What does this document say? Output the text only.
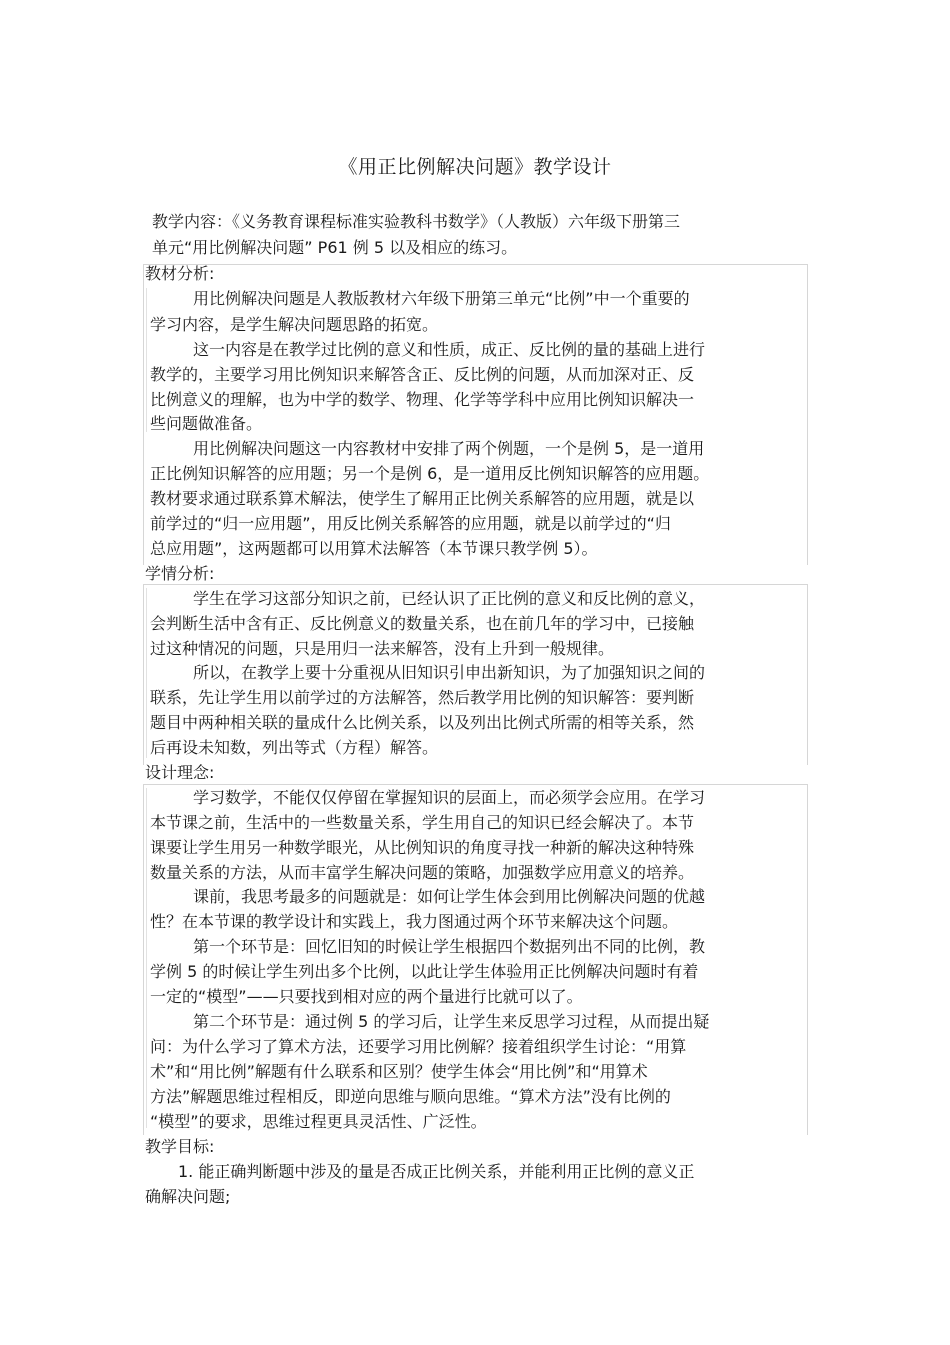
《用正比例解决问题》教学设计
教学内容：《义务教育课程标准实验教科书数学》（人教版）六年级下册第三
单元“用比例解决问题” P61 例 5 以及相应的练习。
教材分析:
用比例解决问题是人教版教材六年级下册第三单元“比例”中一个重要的
学习内容，是学生解决问题思路的拓宽。
这一内容是在教学过比例的意义和性质，成正、反比例的量的基础上进行
教学的，主要学习用比例知识来解答含正、反比例的问题，从而加深对正、反
比例意义的理解，也为中学的数学、物理、化学等学科中应用比例知识解决一
些问题做准备。
用比例解决问题这一内容教材中安排了两个例题，一个是例 5，是一道用
正比例知识解答的应用题；另一个是例 6，是一道用反比例知识解答的应用题。
教材要求通过联系算术解法，使学生了解用正比例关系解答的应用题，就是以
前学过的“归一应用题”，用反比例关系解答的应用题，就是以前学过的“归
总应用题”，这两题都可以用算术法解答（本节课只教学例 5）。
学情分析:
学生在学习这部分知识之前，已经认识了正比例的意义和反比例的意义，
会判断生活中含有正、反比例意义的数量关系，也在前几年的学习中，已接触
过这种情况的问题，只是用归一法来解答，没有上升到一般规律。
所以，在教学上要十分重视从旧知识引申出新知识，为了加强知识之间的
联系，先让学生用以前学过的方法解答，然后教学用比例的知识解答：要判断
题目中两种相关联的量成什么比例关系，以及列出比例式所需的相等关系，然
后再设未知数，列出等式（方程）解答。
设计理念:
学习数学，不能仅仅停留在掌握知识的层面上，而必须学会应用。在学习
本节课之前，生活中的一些数量关系，学生用自己的知识已经会解决了。本节
课要让学生用另一种数学眼光，从比例知识的角度寻找一种新的解决这种特殊
数量关系的方法，从而丰富学生解决问题的策略，加强数学应用意义的培养。
课前，我思考最多的问题就是：如何让学生体会到用比例解决问题的优越
性？在本节课的教学设计和实践上，我力图通过两个环节来解决这个问题。
第一个环节是：回忆旧知的时候让学生根据四个数据列出不同的比例，教
学例 5 的时候让学生列出多个比例，以此让学生体验用正比例解决问题时有着
一定的“模型”——只要找到相对应的两个量进行比就可以了。
第二个环节是：通过例 5 的学习后，让学生来反思学习过程，从而提出疑
问：为什么学习了算术方法，还要学习用比例解？接着组织学生讨论：“用算
术”和“用比例”解题有什么联系和区别？使学生体会“用比例”和“用算术
方法”解题思维过程相反，即逆向思维与顺向思维。“算术方法”没有比例的
“模型”的要求，思维过程更具灵活性、广泛性。
教学目标:
1. 能正确判断题中涉及的量是否成正比例关系，并能利用正比例的意义正
确解决问题;
